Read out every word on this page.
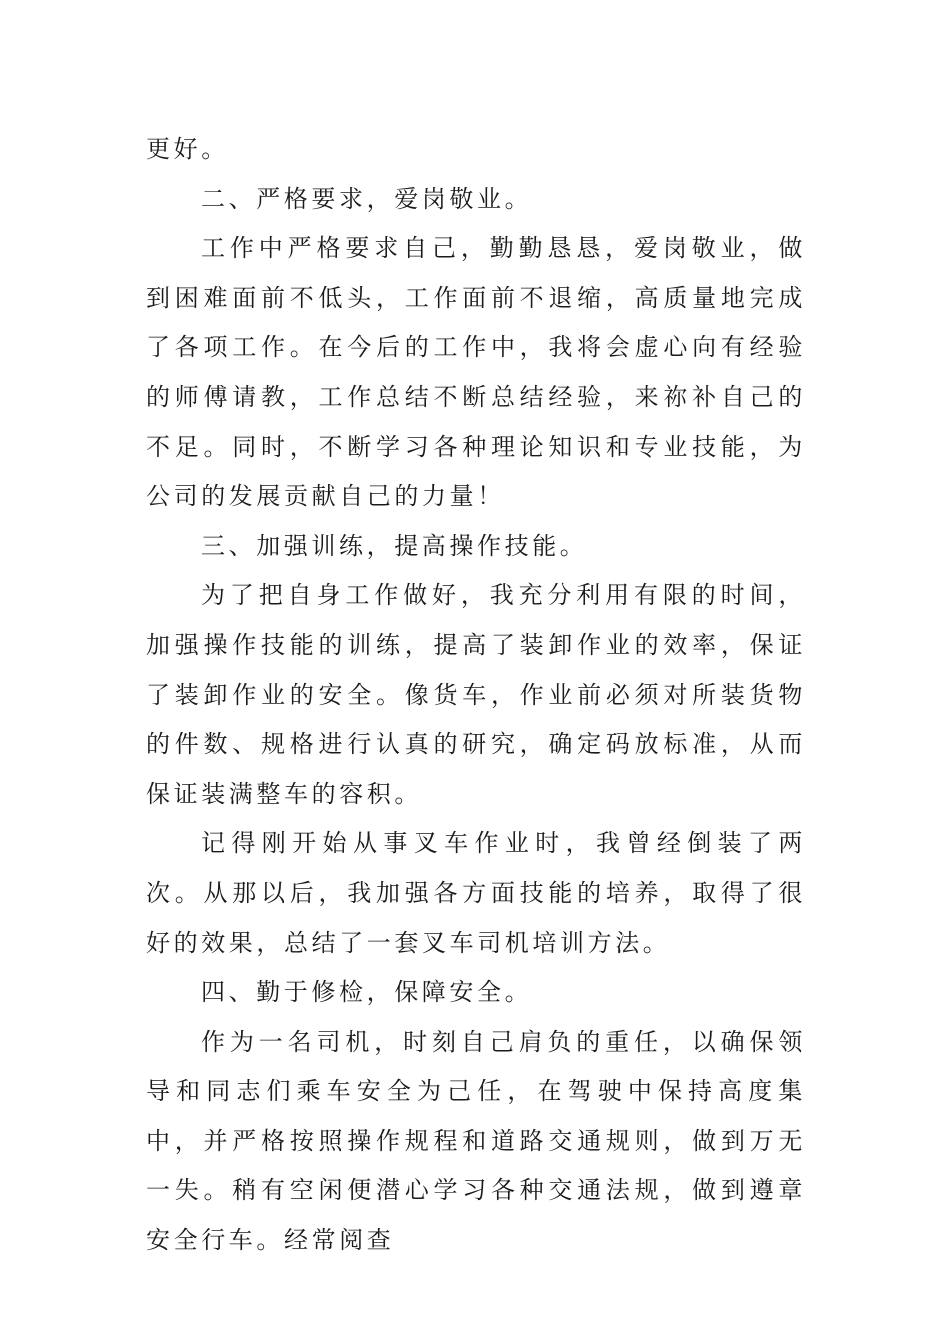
更好。

二、严格要求，爱岗敬业。

工作中严格要求自己，勤勤恳恳，爱岗敬业，做到困难面前不低头，工作面前不退缩，高质量地完成了各项工作。在今后的工作中，我将会虚心向有经验的师傅请教，工作总结不断总结经验，来祢补自己的不足。同时，不断学习各种理论知识和专业技能，为公司的发展贡献自己的力量！

三、加强训练，提高操作技能。

为了把自身工作做好，我充分利用有限的时间，加强操作技能的训练，提高了装卸作业的效率，保证了装卸作业的安全。像货车，作业前必须对所装货物的件数、规格进行认真的研究，确定码放标准，从而保证装满整车的容积。

记得刚开始从事叉车作业时，我曾经倒装了两次。从那以后，我加强各方面技能的培养，取得了很好的效果，总结了一套叉车司机培训方法。

四、勤于修检，保障安全。

作为一名司机，时刻自己肩负的重任，以确保领导和同志们乘车安全为己任，在驾驶中保持高度集中，并严格按照操作规程和道路交通规则，做到万无一失。稍有空闲便潜心学习各种交通法规，做到遵章安全行车。经常阅查
